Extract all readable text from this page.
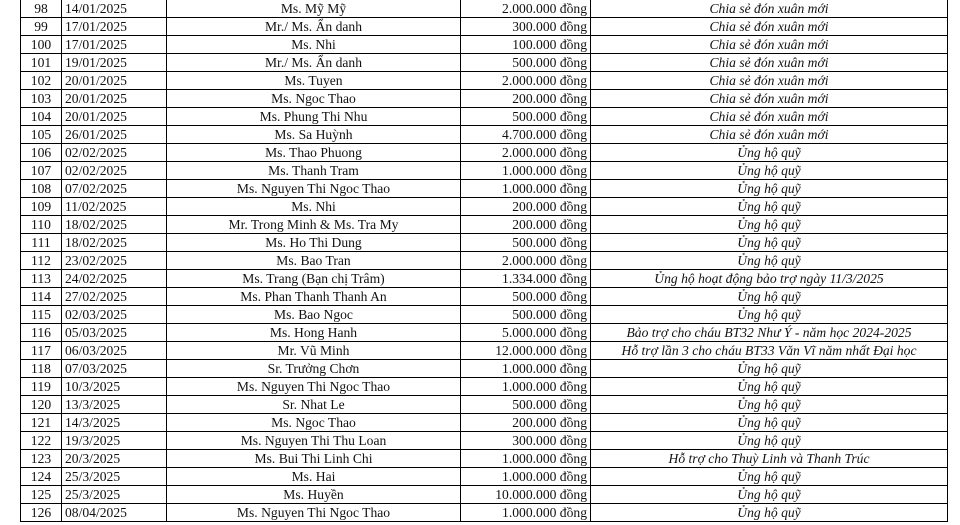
98	14/01/2025	Ms. Mỹ Mỹ	2.000.000 đồng	Chia sẻ đón xuân mới
99	17/01/2025	Mr./ Ms. Ẩn danh	300.000 đồng	Chia sẻ đón xuân mới
100	17/01/2025	Ms. Nhi	100.000 đồng	Chia sẻ đón xuân mới
101	19/01/2025	Mr./ Ms. Ẩn danh	500.000 đồng	Chia sẻ đón xuân mới
102	20/01/2025	Ms. Tuyen	2.000.000 đồng	Chia sẻ đón xuân mới
103	20/01/2025	Ms. Ngoc Thao	200.000 đồng	Chia sẻ đón xuân mới
104	20/01/2025	Ms. Phung Thi Nhu	500.000 đồng	Chia sẻ đón xuân mới
105	26/01/2025	Ms. Sa Huỳnh	4.700.000 đồng	Chia sẻ đón xuân mới
106	02/02/2025	Ms. Thao Phuong	2.000.000 đồng	Ủng hộ quỹ
107	02/02/2025	Ms. Thanh Tram	1.000.000 đồng	Ủng hộ quỹ
108	07/02/2025	Ms. Nguyen Thi Ngoc Thao	1.000.000 đồng	Ủng hộ quỹ
109	11/02/2025	Ms. Nhi	200.000 đồng	Ủng hộ quỹ
110	18/02/2025	Mr. Trong Minh & Ms. Tra My	200.000 đồng	Ủng hộ quỹ
111	18/02/2025	Ms. Ho Thi Dung	500.000 đồng	Ủng hộ quỹ
112	23/02/2025	Ms. Bao Tran	2.000.000 đồng	Ủng hộ quỹ
113	24/02/2025	Ms. Trang (Bạn chị Trâm)	1.334.000 đồng	Ủng hộ hoạt động bảo trợ ngày 11/3/2025
114	27/02/2025	Ms. Phan Thanh Thanh An	500.000 đồng	Ủng hộ quỹ
115	02/03/2025	Ms. Bao Ngoc	500.000 đồng	Ủng hộ quỹ
116	05/03/2025	Ms. Hong Hanh	5.000.000 đồng	Bảo trợ cho cháu BT32 Như Ý - năm học 2024-2025
117	06/03/2025	Mr. Vũ Minh	12.000.000 đồng	Hỗ trợ lần 3 cho cháu BT33 Văn Vĩ năm nhất Đại học
118	07/03/2025	Sr. Trưởng Chơn	1.000.000 đồng	Ủng hộ quỹ
119	10/3/2025	Ms. Nguyen Thi Ngoc Thao	1.000.000 đồng	Ủng hộ quỹ
120	13/3/2025	Sr. Nhat Le	500.000 đồng	Ủng hộ quỹ
121	14/3/2025	Ms. Ngoc Thao	200.000 đồng	Ủng hộ quỹ
122	19/3/2025	Ms. Nguyen Thi Thu Loan	300.000 đồng	Ủng hộ quỹ
123	20/3/2025	Ms. Bui Thi Linh Chi	1.000.000 đồng	Hỗ trợ cho Thuỳ Linh và Thanh Trúc
124	25/3/2025	Ms. Hai	1.000.000 đồng	Ủng hộ quỹ
125	25/3/2025	Ms. Huyền	10.000.000 đồng	Ủng hộ quỹ
126	08/04/2025	Ms. Nguyen Thi Ngoc Thao	1.000.000 đồng	Ủng hộ quỹ
